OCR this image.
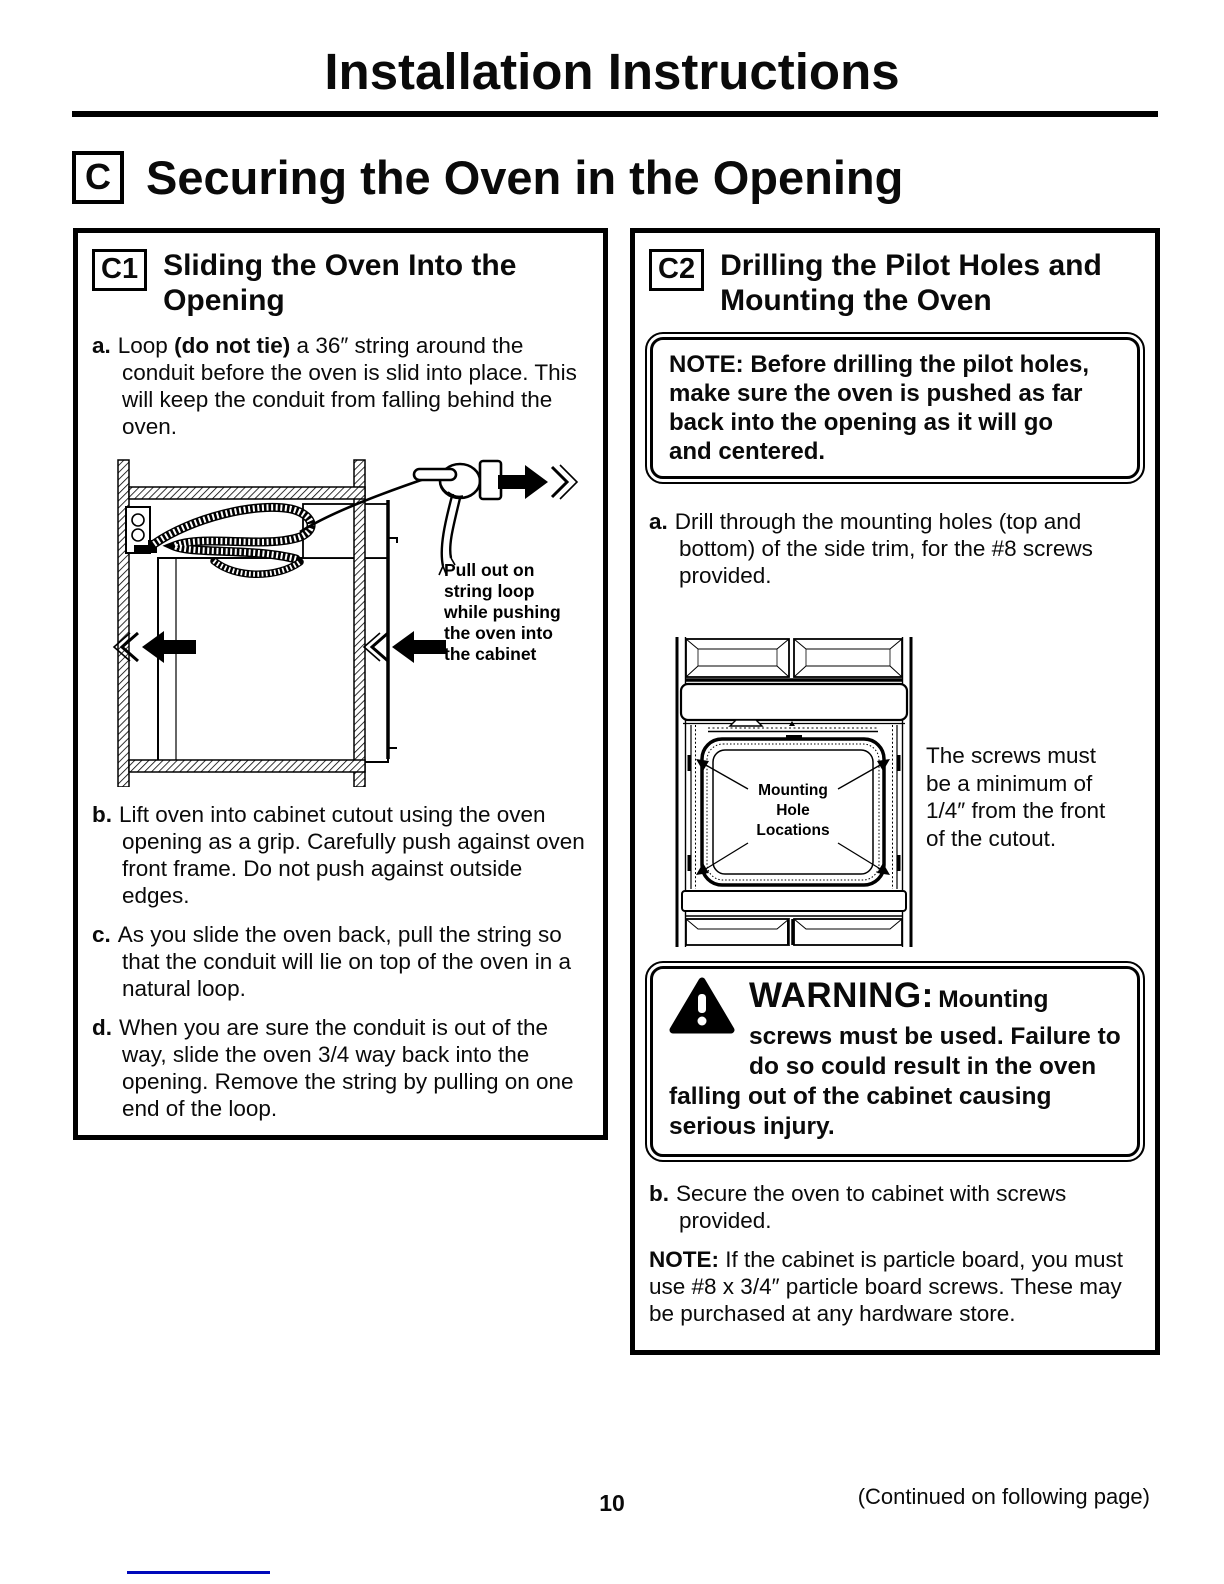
Installation Instructions
C Securing the Oven in the Opening
C1 Sliding the Oven Into the
Opening

a. Loop (do not tie) a 36″ string around the conduit before the oven is slid into place. This will keep the conduit from falling behind the oven.

Pull out on
string loop
while pushing
the oven into
the cabinet

b. Lift oven into cabinet cutout using the oven opening as a grip. Carefully push against oven front frame. Do not push against outside edges.

c. As you slide the oven back, pull the string so that the conduit will lie on top of the oven in a natural loop.

d. When you are sure the conduit is out of the way, slide the oven 3/4 way back into the opening. Remove the string by pulling on one end of the loop.

C2 Drilling the Pilot Holes and
Mounting the Oven
NOTE: Before drilling the pilot holes,
make sure the oven is pushed as far
back into the opening as it will go
and centered.

a. Drill through the mounting holes (top and bottom) of the side trim, for the #8 screws provided.

Mounting
Hole
Locations
The screws must
be a minimum of
1/4″ from the front
of the cutout.
WARNING: Mounting
screws must be used. Failure to
do so could result in the oven
falling out of the cabinet causing
serious injury.

b. Secure the oven to cabinet with screws provided.

NOTE: If the cabinet is particle board, you must use #8 x 3/4″ particle board screws. These may be purchased at any hardware store.

10	(Continued on following page)
